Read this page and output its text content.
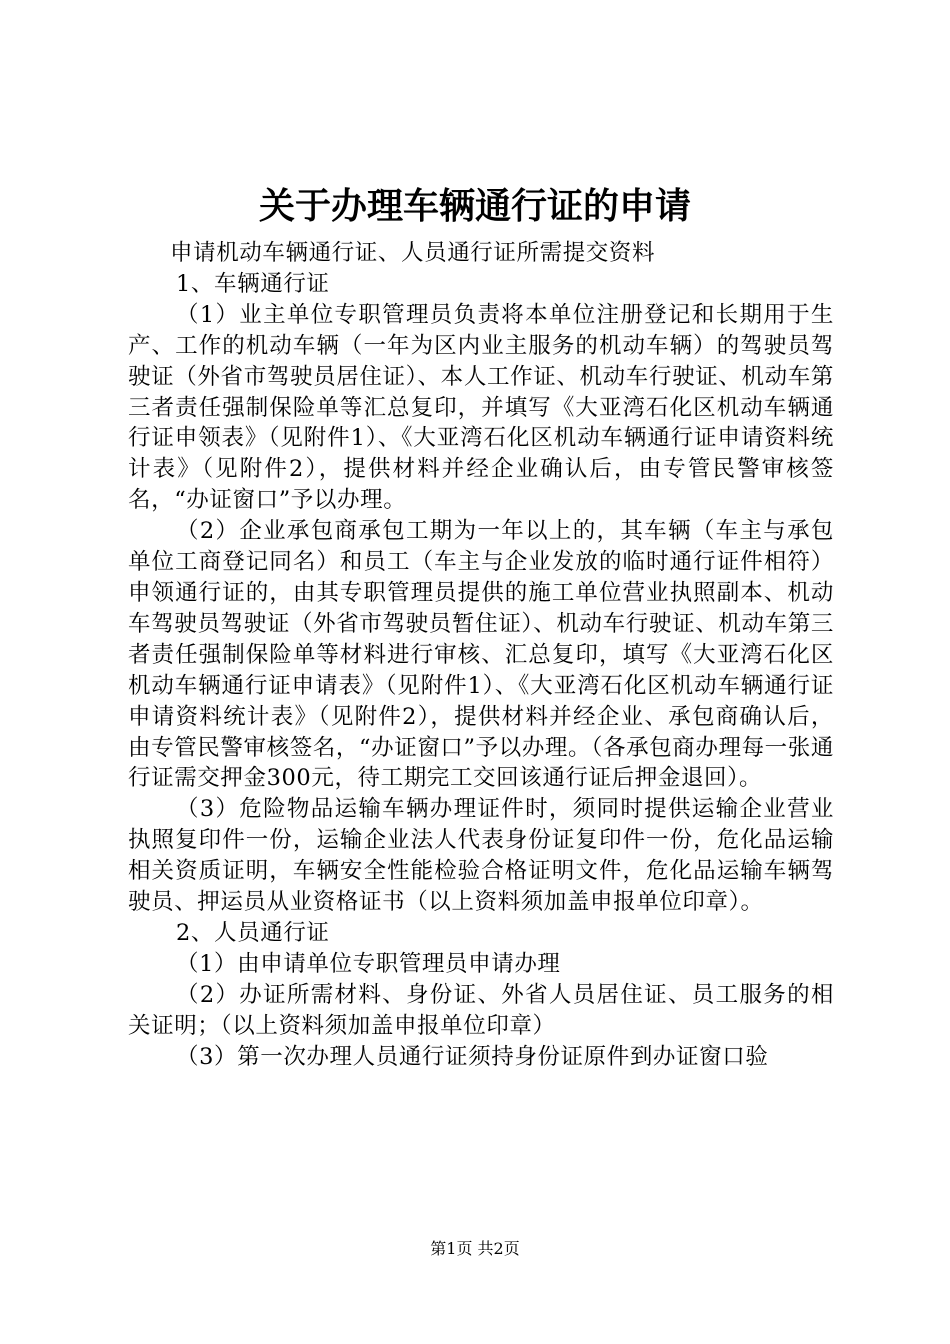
关于办理车辆通行证的申请

申请机动车辆通行证、人员通行证所需提交资料

1、车辆通行证

（1）业主单位专职管理员负责将本单位注册登记和长期用于生产、工作的机动车辆（一年为区内业主服务的机动车辆）的驾驶员驾驶证（外省市驾驶员居住证）、本人工作证、机动车行驶证、机动车第三者责任强制保险单等汇总复印，并填写《大亚湾石化区机动车辆通行证申领表》（见附件1）、《大亚湾石化区机动车辆通行证申请资料统计表》（见附件2），提供材料并经企业确认后，由专管民警审核签名，“办证窗口”予以办理。

（2）企业承包商承包工期为一年以上的，其车辆（车主与承包单位工商登记同名）和员工（车主与企业发放的临时通行证件相符）申领通行证的，由其专职管理员提供的施工单位营业执照副本、机动车驾驶员驾驶证（外省市驾驶员暂住证）、机动车行驶证、机动车第三者责任强制保险单等材料进行审核、汇总复印，填写《大亚湾石化区机动车辆通行证申请表》（见附件1）、《大亚湾石化区机动车辆通行证申请资料统计表》（见附件2），提供材料并经企业、承包商确认后，由专管民警审核签名，“办证窗口”予以办理。（各承包商办理每一张通行证需交押金300元，待工期完工交回该通行证后押金退回）。

（3）危险物品运输车辆办理证件时，须同时提供运输企业营业执照复印件一份，运输企业法人代表身份证复印件一份，危化品运输相关资质证明，车辆安全性能检验合格证明文件，危化品运输车辆驾驶员、押运员从业资格证书（以上资料须加盖申报单位印章）。

2、人员通行证

（1）由申请单位专职管理员申请办理

（2）办证所需材料、身份证、外省人员居住证、员工服务的相关证明；（以上资料须加盖申报单位印章）

（3）第一次办理人员通行证须持身份证原件到办证窗口验

第1页 共2页
